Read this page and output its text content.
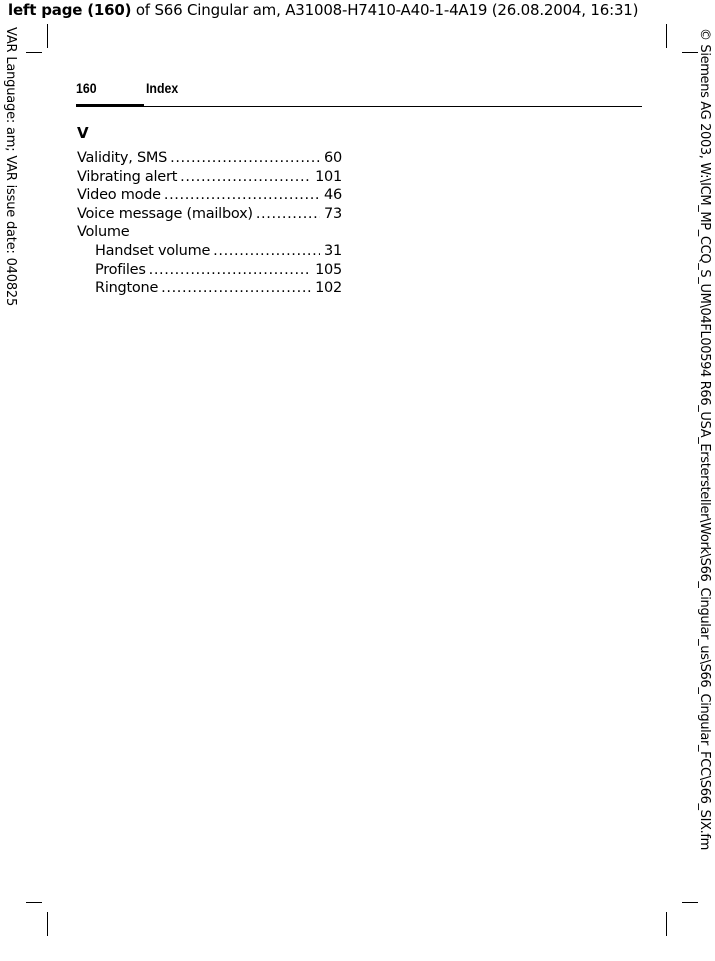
left page (160) of S66 Cingular am, A31008-H7410-A40-1-4A19 (26.08.2004, 16:31)
VAR Language: am; VAR issue date: 040825	© Siemens AG 2003, W:\ICM_MP_CCQ_S_UM\04FL00594 R66_USA_Erstersteller\Work\S66_Cingular_us\S66_Cingular_FCC\S66_SIX.fm
160	Index
V
Validity, SMS .....	60
Vibrating alert .....	101
Video mode .....	46
Voice message (mailbox) .....	73
Volume
Handset volume .....	31
Profiles .....	105
Ringtone .....	102
